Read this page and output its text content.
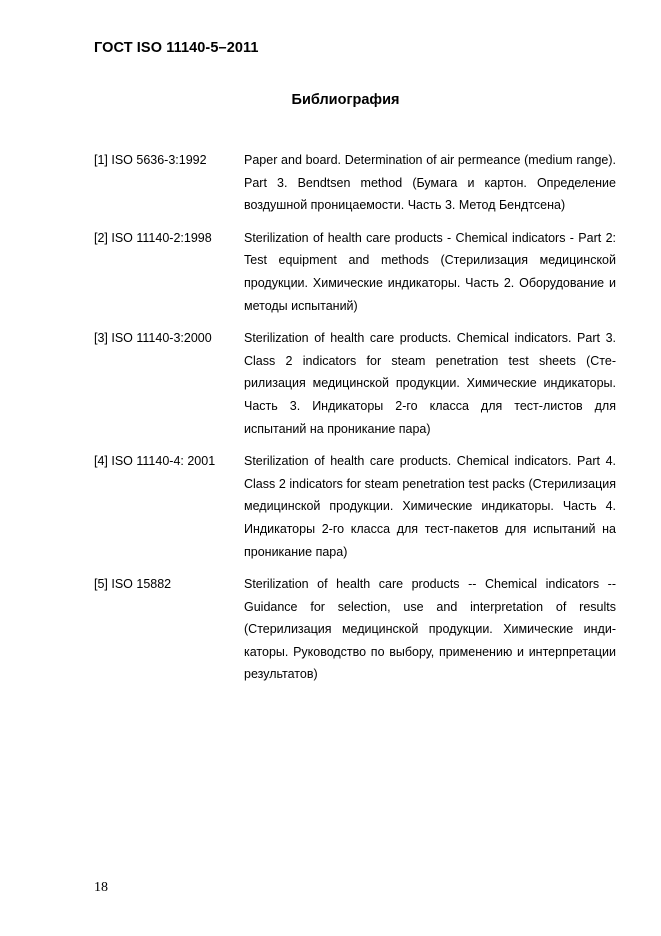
ГОСТ ISO 11140-5–2011
Библиография
[1] ISO 5636-3:1992	Paper and board. Determination of air permeance (medium range). Part 3. Bendtsen method (Бумага и картон. Определение воздушной проницаемости. Часть 3. Метод Бендтсена)
[2] ISO 11140-2:1998	Sterilization of health care products - Chemical indicators - Part 2: Test equipment and methods (Стерилизация медицинской продукции. Химические индикаторы. Часть 2. Оборудование и методы испытаний)
[3] ISO 11140-3:2000	Sterilization of health care products. Chemical indicators. Part 3. Class 2 indicators for steam penetration test sheets (Стерилизация медицинской продукции. Химические индикаторы. Часть 3. Индикаторы 2-го класса для тест-листов для испытаний на проникание пара)
[4] ISO 11140-4: 2001	Sterilization of health care products. Chemical indicators. Part 4. Class 2 indicators for steam penetration test packs (Стерилизация медицинской продукции. Химические индикаторы. Часть 4. Индикаторы 2-го класса для тест-пакетов для испытаний на проникание пара)
[5] ISO 15882	Sterilization of health care products -- Chemical indicators -- Guidance for selection, use and interpretation of results (Стерилизация медицинской продукции. Химические индикаторы. Руководство по выбору, применению и интерпретации результатов)
18
